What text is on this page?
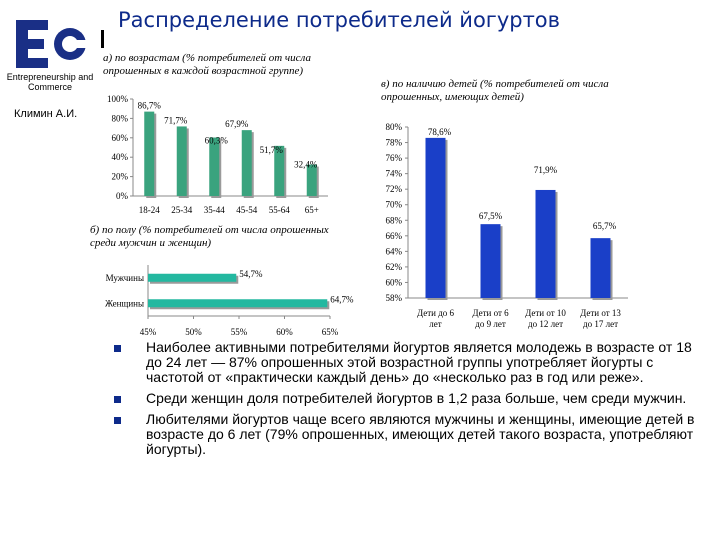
Entrepreneurship and Commerce
Климин А.И.
Распределение потребителей йогуртов
а) по возрастам (% потребителей от числа опрошенных в каждой возрастной группе)
в) по наличию детей (% потребителей от числа опрошенных, имеющих детей)
б) по полу (% потребителей от числа опрошенных среди мужчин и женщин)
0%
20%
40%
60%
80%
100%
86,7%
18-24
71,7%
25-34
60,3%
35-44
67,9%
45-54
51,7%
55-64
32,4%
65+
45%	50%	55%	60%	65%
54,7%
Мужчины
64,7%
Женщины
58%
60%
62%
64%
66%
68%
70%
72%
74%
76%
78%
80%	78,6%
Дети до 6
лет
67,5%
Дети от 6
до 9 лет
71,9%
Дети от 10
до 12 лет
65,7%
Дети от 13
до 17 лет
Наиболее активными потребителями йогуртов является молодежь в возрасте от 18 до 24 лет — 87% опрошенных этой возрастной группы употребляет йогурты с частотой от «практически каждый день» до «несколько раз в год или реже».
Среди женщин доля потребителей йогуртов в 1,2 раза больше, чем среди мужчин.
Любителями йогуртов чаще всего являются мужчины и женщины, имеющие детей в возрасте до 6 лет (79% опрошенных, имеющих детей такого возраста, употребляют йогурты).
